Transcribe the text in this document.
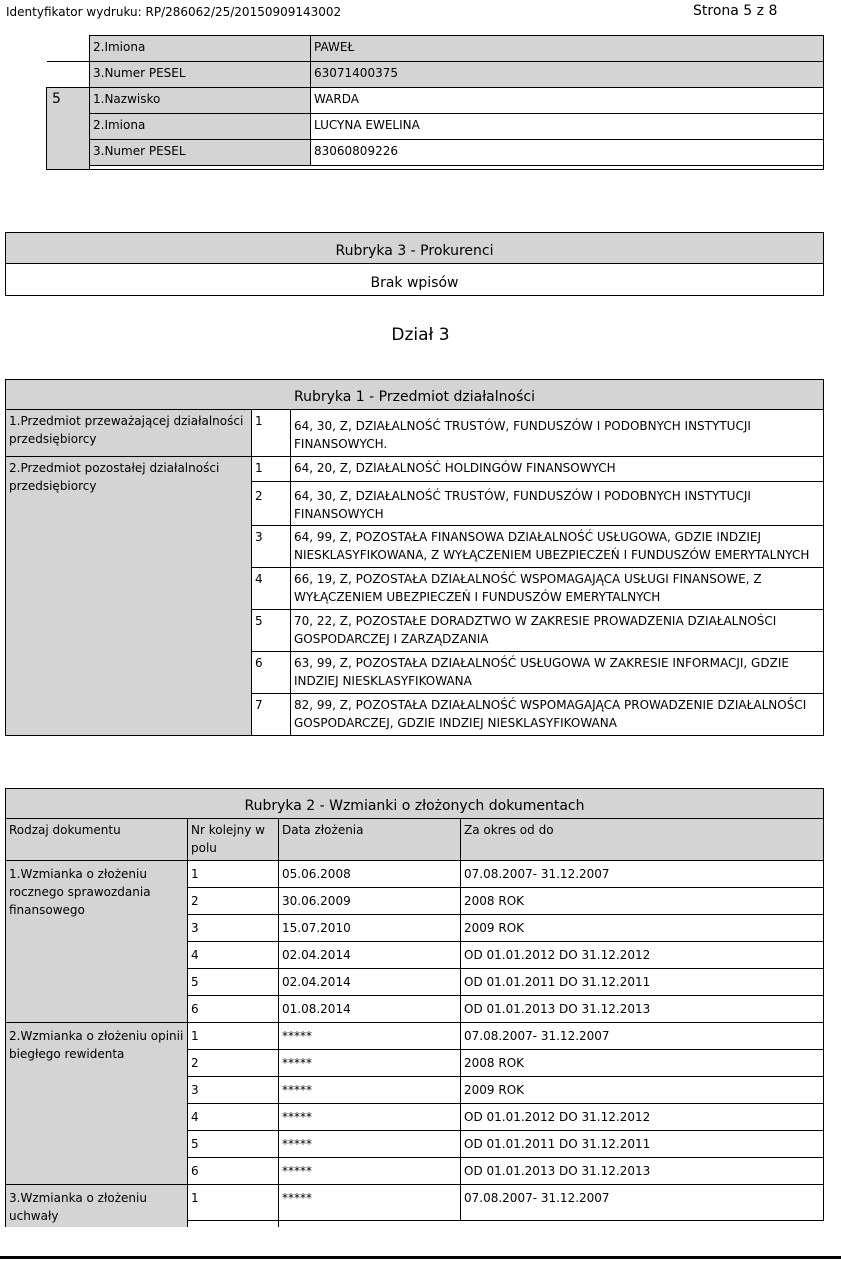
Identyfikator wydruku: RP/286062/25/20150909143002	Strona 5 z 8
	2.Imiona	PAWEŁ
	3.Numer PESEL	63071400375
5	1.Nazwisko	WARDA
	2.Imiona	LUCYNA EWELINA
	3.Numer PESEL	83060809226

Rubryka 3 - Prokurenci
Brak wpisów
Dział 3
Rubryka 1 - Przedmiot działalności		
1.Przedmiot przeważającej działalności przedsiębiorcy	1	64, 30, Z, DZIAŁALNOŚĆ TRUSTÓW, FUNDUSZÓW I PODOBNYCH INSTYTUCJI FINANSOWYCH.
2.Przedmiot pozostałej działalności przedsiębiorcy	1	64, 20, Z, DZIAŁALNOŚĆ HOLDINGÓW FINANSOWYCH
	2	64, 30, Z, DZIAŁALNOŚĆ TRUSTÓW, FUNDUSZÓW I PODOBNYCH INSTYTUCJI FINANSOWYCH
	3	64, 99, Z, POZOSTAŁA FINANSOWA DZIAŁALNOŚĆ USŁUGOWA, GDZIE INDZIEJ NIESKLASYFIKOWANA, Z WYŁĄCZENIEM UBEZPIECZEŃ I FUNDUSZÓW EMERYTALNYCH
	4	66, 19, Z, POZOSTAŁA DZIAŁALNOŚĆ WSPOMAGAJĄCA USŁUGI FINANSOWE, Z WYŁĄCZENIEM UBEZPIECZEŃ I FUNDUSZÓW EMERYTALNYCH
	5	70, 22, Z, POZOSTAŁE DORADZTWO W ZAKRESIE PROWADZENIA DZIAŁALNOŚCI GOSPODARCZEJ I ZARZĄDZANIA
	6	63, 99, Z, POZOSTAŁA DZIAŁALNOŚĆ USŁUGOWA W ZAKRESIE INFORMACJI, GDZIE INDZIEJ NIESKLASYFIKOWANA
	7	82, 99, Z, POZOSTAŁA DZIAŁALNOŚĆ WSPOMAGAJĄCA PROWADZENIE DZIAŁALNOŚCI GOSPODARCZEJ, GDZIE INDZIEJ NIESKLASYFIKOWANA
Rubryka 2 - Wzmianki o złożonych dokumentach			
Rodzaj dokumentu	Nr kolejny w polu	Data złożenia	Za okres od do
1.Wzmianka o złożeniu rocznego sprawozdania finansowego	1	05.06.2008	07.08.2007- 31.12.2007
	2	30.06.2009	2008 ROK
	3	15.07.2010	2009 ROK
	4	02.04.2014	OD 01.01.2012 DO 31.12.2012
	5	02.04.2014	OD 01.01.2011 DO 31.12.2011
	6	01.08.2014	OD 01.01.2013 DO 31.12.2013
2.Wzmianka o złożeniu opinii biegłego rewidenta	1	*****	07.08.2007- 31.12.2007
	2	*****	2008 ROK
	3	*****	2009 ROK
	4	*****	OD 01.01.2012 DO 31.12.2012
	5	*****	OD 01.01.2011 DO 31.12.2011
	6	*****	OD 01.01.2013 DO 31.12.2013
3.Wzmianka o złożeniu uchwały	1	*****	07.08.2007- 31.12.2007
